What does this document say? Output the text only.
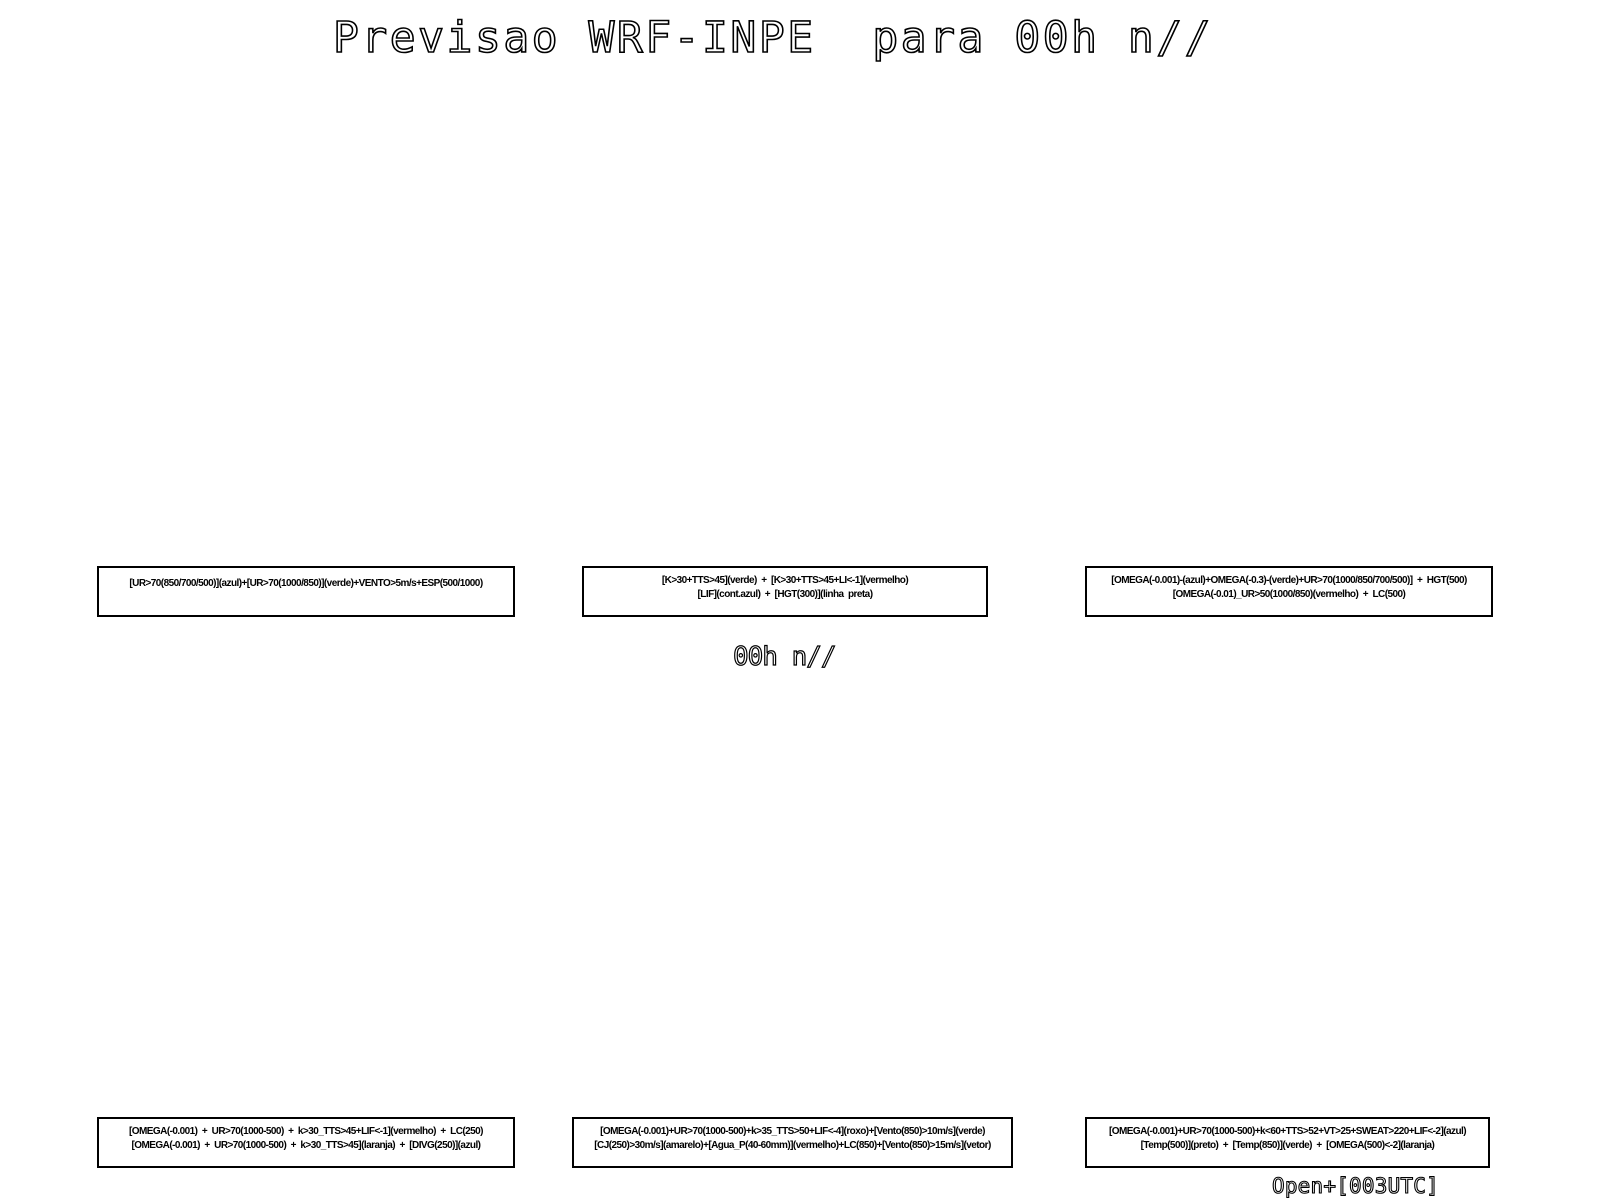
Previsao WRF-INPE  para 00h n//
[UR>70(850/700/500)](azul)+[UR>70(1000/850)](verde)+VENTO>5m/s+ESP(500/1000)	[K>30+TTS>45](verde)  +  [K>30+TTS>45+LI<-1](vermelho)
[LIF](cont.azul)  +  [HGT(300)](linha  preta)
[OMEGA(-0.001)-(azul)+OMEGA(-0.3)-(verde)+UR>70(1000/850/700/500)]  +  HGT(500)
[OMEGA(-0.01)_UR>50(1000/850)(vermelho)  +  LC(500)
00h n//
[OMEGA(-0.001)  +  UR>70(1000-500)  +  k>30_TTS>45+LIF<-1](vermelho)  +  LC(250)
[OMEGA(-0.001)  +  UR>70(1000-500)  +  k>30_TTS>45](laranja)  +  [DIVG(250)](azul)
[OMEGA(-0.001)+UR>70(1000-500)+k>35_TTS>50+LIF<-4](roxo)+[Vento(850)>10m/s](verde)
[CJ(250)>30m/s](amarelo)+[Agua_P(40-60mm)](vermelho)+LC(850)+[Vento(850)>15m/s](vetor)
[OMEGA(-0.001)+UR>70(1000-500)+k<60+TTS>52+VT>25+SWEAT>220+LIF<-2](azul)
[Temp(500)](preto)  +  [Temp(850)](verde)  +  [OMEGA(500)<-2](laranja)
Open+[003UTC]
